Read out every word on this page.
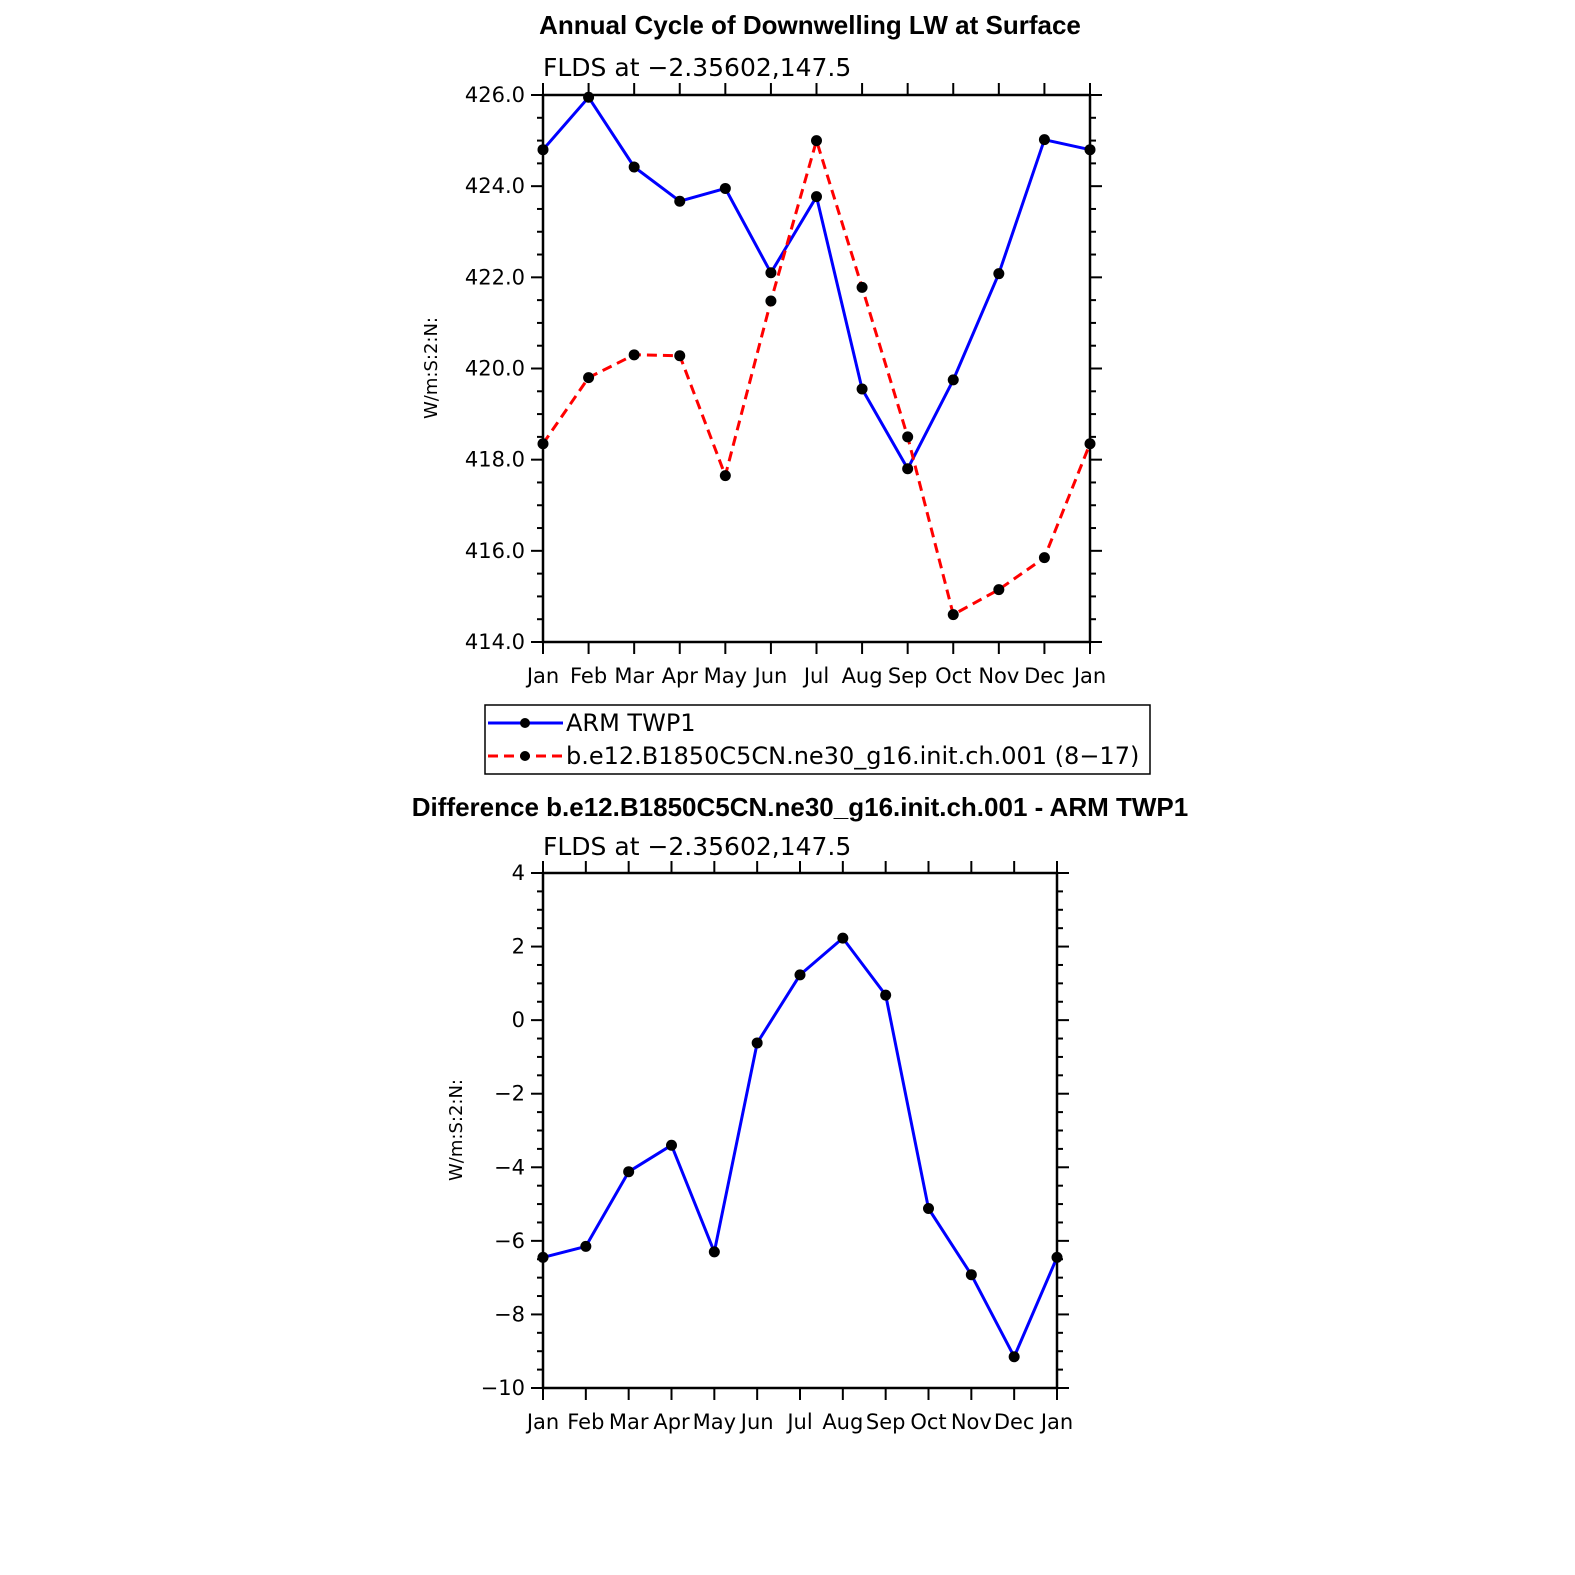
Annual Cycle of Downwelling LW at Surface
FLDS at −2.35602,147.5
W/m:S:2:N:
414.0
416.0
418.0
420.0
422.0
424.0
426.0
Jan Feb Mar Apr May Jun Jul Aug Sep Oct Nov Dec Jan
ARM TWP1
b.e12.B1850C5CN.ne30_g16.init.ch.001 (8−17)
Difference b.e12.B1850C5CN.ne30_g16.init.ch.001 - ARM TWP1
FLDS at −2.35602,147.5
W/m:S:2:N:
−10
−8
−6
−4
−2
0
2
4
Jan Feb Mar Apr May Jun Jul Aug Sep Oct Nov Dec Jan
